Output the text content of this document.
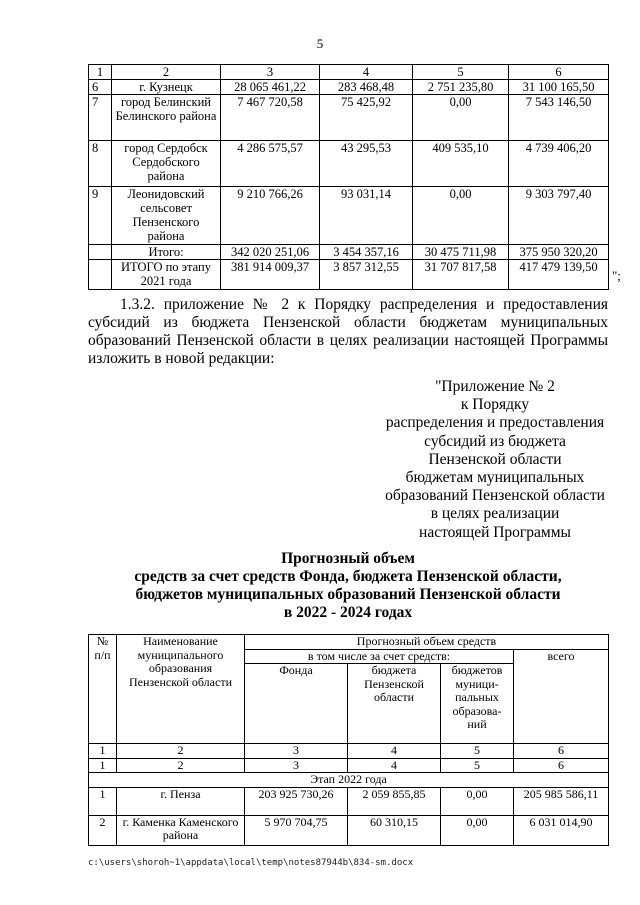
5
1	2	3	4	5	6
6	г. Кузнецк	28 065 461,22	283 468,48	2 751 235,80	31 100 165,50
7	город Белинский Белинского района	7 467 720,58	75 425,92	0,00	7 543 146,50
8	город Сердобск Сердобского района	4 286 575,57	43 295,53	409 535,10	4 739 406,20
9	Леонидовский сельсовет Пензенского района	9 210 766,26	93 031,14	0,00	9 303 797,40
	Итого:	342 020 251,06	3 454 357,16	30 475 711,98	375 950 320,20
	ИТОГО по этапу 2021 года	381 914 009,37	3 857 312,55	31 707 817,58	417 479 139,50
";
1.3.2. приложение № 2 к Порядку распределения и предоставления
субсидий из бюджета Пензенской области бюджетам муниципальных
образований Пензенской области в целях реализации настоящей Программы
изложить в новой редакции:
"Приложение № 2
к Порядку
распределения и предоставления
субсидий из бюджета
Пензенской области
бюджетам муниципальных
образований Пензенской области
в целях реализации
настоящей Программы
Прогнозный объем
средств за счет средств Фонда, бюджета Пензенской области,
бюджетов муниципальных образований Пензенской области
в 2022 - 2024 годах
№ п/п	Наименование муниципального образования Пензенской области	Прогнозный объем средств			
		в том числе за счет средств:			всего
		Фонда	бюджета Пензенской области	бюджетов муници-пальных образова-ний	
1	2	3	4	5	6
1	2	3	4	5	6
Этап 2022 года					
1	г. Пенза	203 925 730,26	2 059 855,85	0,00	205 985 586,11
2	г. Каменка Каменского района	5 970 704,75	60 310,15	0,00	6 031 014,90
c:\users\shoroh~1\appdata\local\temp\notes87944b\834-sm.docx
